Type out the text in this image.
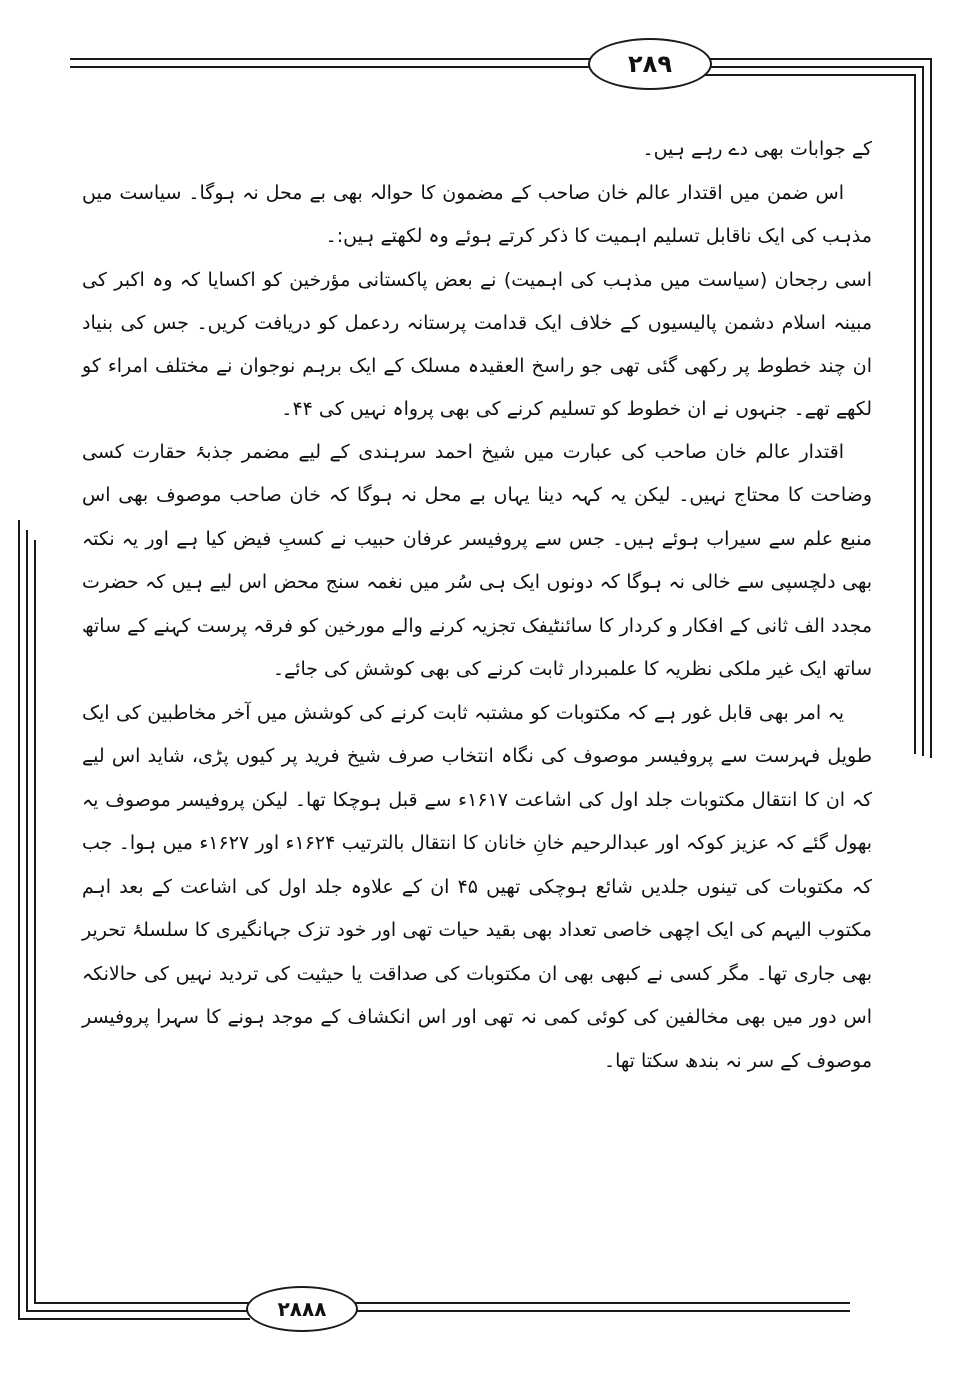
۲۸۹
۲۸۸۸

کے جوابات بھی دے رہے ہیں۔

اس ضمن میں اقتدار عالم خان صاحب کے مضمون کا حوالہ بھی بے محل نہ ہوگا۔ سیاست میں مذہب کی ایک ناقابل تسلیم اہمیت کا ذکر کرتے ہوئے وہ لکھتے ہیں:۔

اسی رجحان (سیاست میں مذہب کی اہمیت) نے بعض پاکستانی مؤرخین کو اکسایا کہ وہ اکبر کی مبینہ اسلام دشمن پالیسیوں کے خلاف ایک قدامت پرستانہ ردعمل کو دریافت کریں۔ جس کی بنیاد ان چند خطوط پر رکھی گئی تھی جو راسخ العقیدہ مسلک کے ایک برہم نوجوان نے مختلف امراء کو لکھے تھے۔ جنہوں نے ان خطوط کو تسلیم کرنے کی بھی پرواہ نہیں کی ۴۴۔

اقتدار عالم خان صاحب کی عبارت میں شیخ احمد سرہندی کے لیے مضمر جذبۂ حقارت کسی وضاحت کا محتاج نہیں۔ لیکن یہ کہہ دینا یہاں بے محل نہ ہوگا کہ خان صاحب موصوف بھی اس منبع علم سے سیراب ہوئے ہیں۔ جس سے پروفیسر عرفان حبیب نے کسبِ فیض کیا ہے اور یہ نکتہ بھی دلچسپی سے خالی نہ ہوگا کہ دونوں ایک ہی سُر میں نغمہ سنج محض اس لیے ہیں کہ حضرت مجدد الف ثانی کے افکار و کردار کا سائنٹیفک تجزیہ کرنے والے مورخین کو فرقہ پرست کہنے کے ساتھ ساتھ ایک غیر ملکی نظریہ کا علمبردار ثابت کرنے کی بھی کوشش کی جائے۔

یہ امر بھی قابل غور ہے کہ مکتوبات کو مشتبہ ثابت کرنے کی کوشش میں آخر مخاطبین کی ایک طویل فہرست سے پروفیسر موصوف کی نگاہ انتخاب صرف شیخ فرید پر کیوں پڑی، شاید اس لیے کہ ان کا انتقال مکتوبات جلد اول کی اشاعت ۱۶۱۷ء سے قبل ہوچکا تھا۔ لیکن پروفیسر موصوف یہ بھول گئے کہ عزیز کوکہ اور عبدالرحیم خانِ خانان کا انتقال بالترتیب ۱۶۲۴ء اور ۱۶۲۷ء میں ہوا۔ جب کہ مکتوبات کی تینوں جلدیں شائع ہوچکی تھیں ۴۵ ان کے علاوہ جلد اول کی اشاعت کے بعد اہم مکتوب الیہم کی ایک اچھی خاصی تعداد بھی بقید حیات تھی اور خود تزک جہانگیری کا سلسلۂ تحریر بھی جاری تھا۔ مگر کسی نے کبھی بھی ان مکتوبات کی صداقت یا حیثیت کی تردید نہیں کی حالانکہ اس دور میں بھی مخالفین کی کوئی کمی نہ تھی اور اس انکشاف کے موجد ہونے کا سہرا پروفیسر موصوف کے سر نہ بندھ سکتا تھا۔
